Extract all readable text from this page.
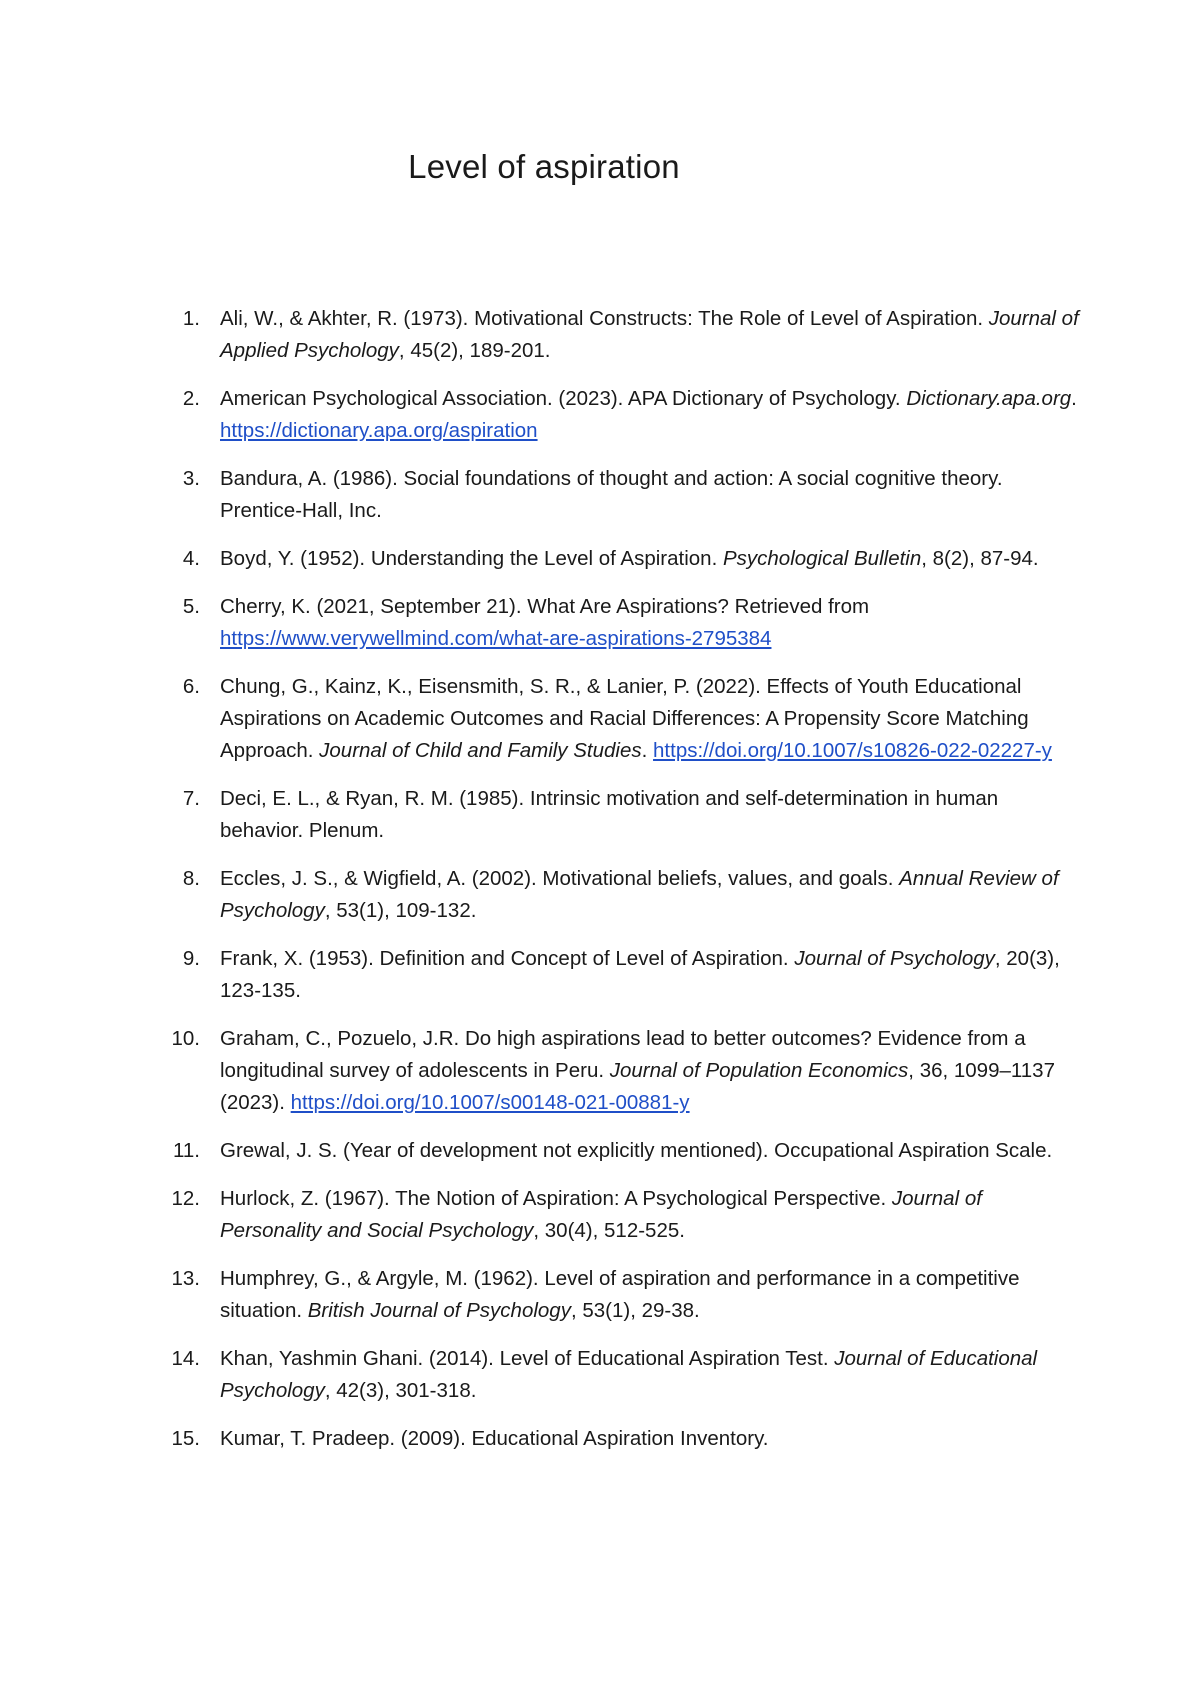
Level of aspiration
1. Ali, W., & Akhter, R. (1973). Motivational Constructs: The Role of Level of Aspiration. Journal of Applied Psychology, 45(2), 189-201.
2. American Psychological Association. (2023). APA Dictionary of Psychology. Dictionary.apa.org. https://dictionary.apa.org/aspiration
3. Bandura, A. (1986). Social foundations of thought and action: A social cognitive theory. Prentice-Hall, Inc.
4. Boyd, Y. (1952). Understanding the Level of Aspiration. Psychological Bulletin, 8(2), 87-94.
5. Cherry, K. (2021, September 21). What Are Aspirations? Retrieved from https://www.verywellmind.com/what-are-aspirations-2795384
6. Chung, G., Kainz, K., Eisensmith, S. R., & Lanier, P. (2022). Effects of Youth Educational Aspirations on Academic Outcomes and Racial Differences: A Propensity Score Matching Approach. Journal of Child and Family Studies. https://doi.org/10.1007/s10826-022-02227-y
7. Deci, E. L., & Ryan, R. M. (1985). Intrinsic motivation and self-determination in human behavior. Plenum.
8. Eccles, J. S., & Wigfield, A. (2002). Motivational beliefs, values, and goals. Annual Review of Psychology, 53(1), 109-132.
9. Frank, X. (1953). Definition and Concept of Level of Aspiration. Journal of Psychology, 20(3), 123-135.
10. Graham, C., Pozuelo, J.R. Do high aspirations lead to better outcomes? Evidence from a longitudinal survey of adolescents in Peru. Journal of Population Economics, 36, 1099–1137 (2023). https://doi.org/10.1007/s00148-021-00881-y
11. Grewal, J. S. (Year of development not explicitly mentioned). Occupational Aspiration Scale.
12. Hurlock, Z. (1967). The Notion of Aspiration: A Psychological Perspective. Journal of Personality and Social Psychology, 30(4), 512-525.
13. Humphrey, G., & Argyle, M. (1962). Level of aspiration and performance in a competitive situation. British Journal of Psychology, 53(1), 29-38.
14. Khan, Yashmin Ghani. (2014). Level of Educational Aspiration Test. Journal of Educational Psychology, 42(3), 301-318.
15. Kumar, T. Pradeep. (2009). Educational Aspiration Inventory.
